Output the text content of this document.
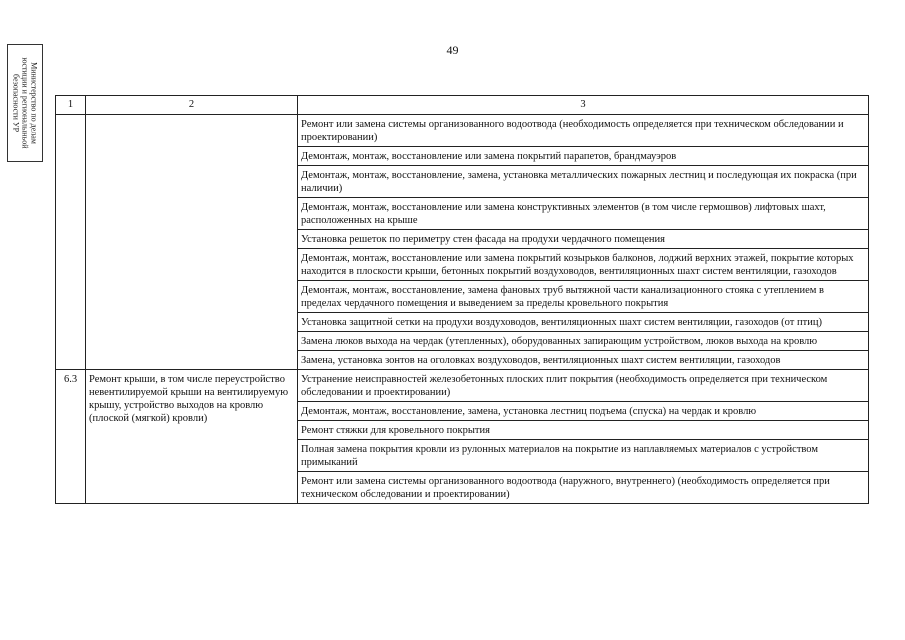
Министерство по делам
юстиции и регионалыньой
безопасности УР
49
1	2	3
		Ремонт или замена системы организованного водоотвода (необходимость определяется при техническом обследовании и проектировании)
		Демонтаж, монтаж, восстановление или замена покрытий парапетов, брандмауэров
		Демонтаж, монтаж, восстановление, замена, установка металлических пожарных лестниц и последующая их покраска (при наличии)
		Демонтаж, монтаж, восстановление или замена конструктивных элементов (в том числе гермошвов) лифтовых шахт, расположенных на крыше
		Установка решеток по периметру стен фасада на продухи чердачного помещения
		Демонтаж, монтаж, восстановление или замена покрытий козырьков балконов, лоджий верхних этажей, покрытие которых находится в плоскости крыши, бетонных покрытий воздуховодов, вентиляционных шахт систем вентиляции, газоходов
		Демонтаж, монтаж, восстановление, замена фановых труб вытяжной части канализационного стояка с утеплением в пределах чердачного помещения и выведением за пределы кровельного покрытия
		Установка защитной сетки на продухи воздуховодов, вентиляционных шахт систем вентиляции, газоходов (от птиц)
		Замена люков выхода на чердак (утепленных), оборудованных запирающим устройством, люков выхода на кровлю
		Замена, установка зонтов на оголовках воздуховодов, вентиляционных шахт систем вентиляции, газоходов
6.3	Ремонт крыши, в том числе переустройство невентилируемой крыши на вентилируемую крышу, устройство выходов на кровлю (плоской (мягкой) кровли)	Устранение неисправностей железобетонных плоских плит покрытия (необходимость определяется при техническом обследовании и проектировании)
		Демонтаж, монтаж, восстановление, замена, установка лестниц подъема (спуска) на чердак и кровлю
		Ремонт стяжки для кровельного покрытия
		Полная замена покрытия кровли из рулонных материалов на покрытие из наплавляемых материалов с устройством примыканий
		Ремонт или замена системы организованного водоотвода (наружного, внутреннего) (необходимость определяется при техническом обследовании и проектировании)
